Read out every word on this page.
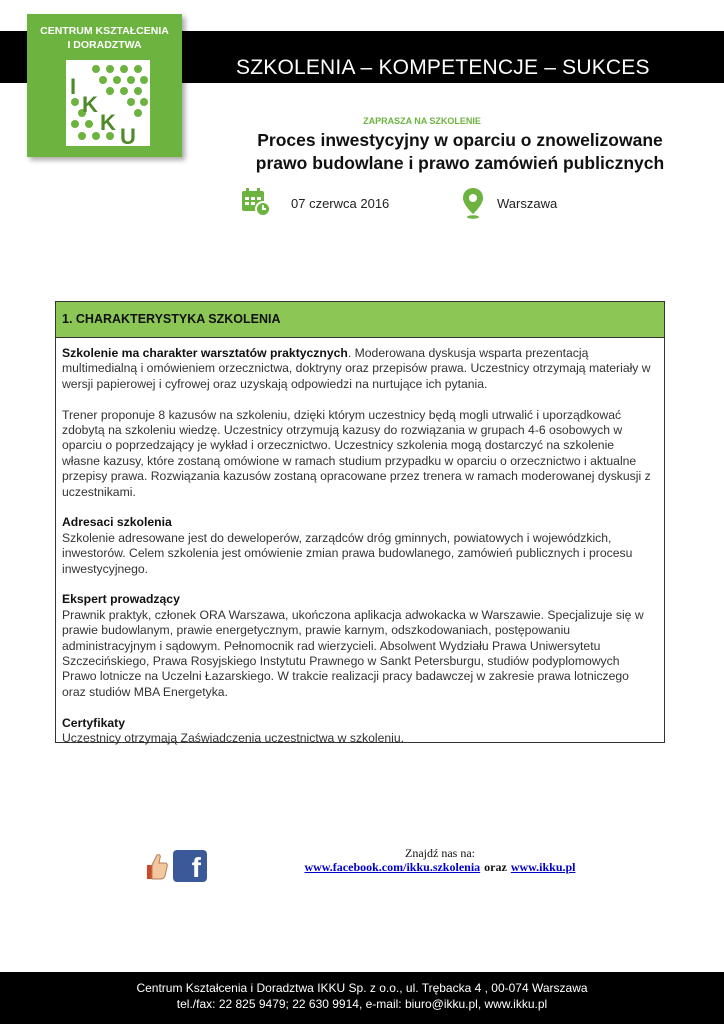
SZKOLENIA – KOMPETENCJE – SUKCES
CENTRUM KSZTAŁCENIA
I DORADZTWA
I
K
K
U
ZAPRASZA NA SZKOLENIE
Proces inwestycyjny w oparciu o znowelizowane
prawo budowlane i prawo zamówień publicznych
07 czerwca 2016	Warszawa
1. CHARAKTERYSTYKA SZKOLENIA

Szkolenie ma charakter warsztatów praktycznych. Moderowana dyskusja wsparta prezentacją multimedialną i omówieniem orzecznictwa, doktryny oraz przepisów prawa. Uczestnicy otrzymają materiały w wersji papierowej i cyfrowej oraz uzyskają odpowiedzi na nurtujące ich pytania.

Trener proponuje 8 kazusów na szkoleniu, dzięki którym uczestnicy będą mogli utrwalić i uporządkować zdobytą na szkoleniu wiedzę. Uczestnicy otrzymują kazusy do rozwiązania w grupach 4-6 osobowych w oparciu o poprzedzający je wykład i orzecznictwo. Uczestnicy szkolenia mogą dostarczyć na szkolenie własne kazusy, które zostaną omówione w ramach studium przypadku w oparciu o orzecznictwo i aktualne przepisy prawa. Rozwiązania kazusów zostaną opracowane przez trenera w ramach moderowanej dyskusji z uczestnikami.

Adresaci szkolenia

Szkolenie adresowane jest do deweloperów, zarządców dróg gminnych, powiatowych i wojewódzkich, inwestorów. Celem szkolenia jest omówienie zmian prawa budowlanego, zamówień publicznych i procesu inwestycyjnego.

Ekspert prowadzący

Prawnik praktyk, członek ORA Warszawa, ukończona aplikacja adwokacka w Warszawie. Specjalizuje się w prawie budowlanym, prawie energetycznym, prawie karnym, odszkodowaniach, postępowaniu administracyjnym i sądowym. Pełnomocnik rad wierzycieli. Absolwent Wydziału Prawa Uniwersytetu Szczecińskiego, Prawa Rosyjskiego Instytutu Prawnego w Sankt Petersburgu, studiów podyplomowych Prawo lotnicze na Uczelni Łazarskiego. W trakcie realizacji pracy badawczej w zakresie prawa lotniczego oraz studiów MBA Energetyka.

Certyfikaty

Uczestnicy otrzymają Zaświadczenia uczestnictwa w szkoleniu.

f	Znajdź nas na:
www.facebook.com/ikku.szkolenia oraz www.ikku.pl
Centrum Kształcenia i Doradztwa IKKU Sp. z o.o., ul. Trębacka 4 , 00-074 Warszawa
tel./fax: 22 825 9479; 22 630 9914, e-mail: biuro@ikku.pl, www.ikku.pl
